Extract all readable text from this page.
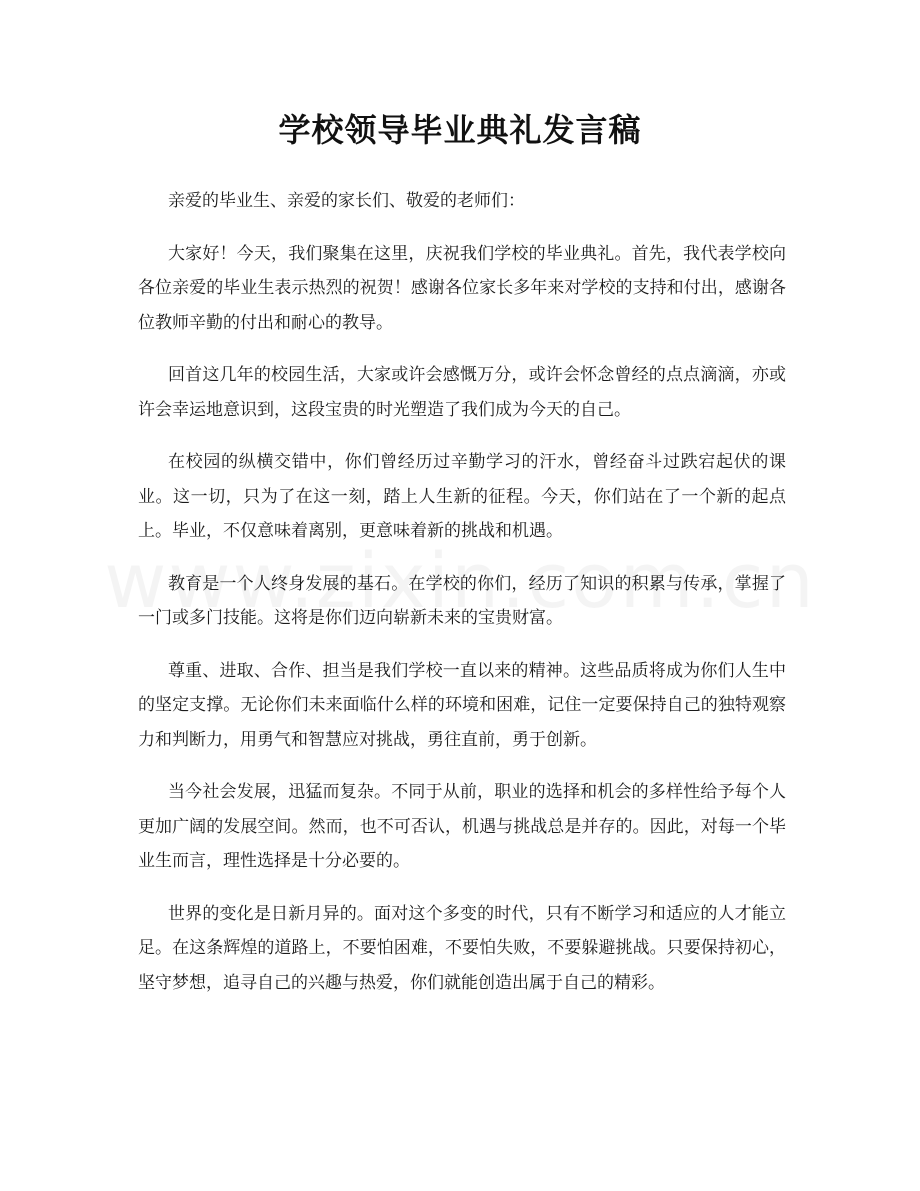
学校领导毕业典礼发言稿

亲爱的毕业生、亲爱的家长们、敬爱的老师们：

大家好！今天，我们聚集在这里，庆祝我们学校的毕业典礼。首先，我代表学校向各位亲爱的毕业生表示热烈的祝贺！感谢各位家长多年来对学校的支持和付出，感谢各位教师辛勤的付出和耐心的教导。

回首这几年的校园生活，大家或许会感慨万分，或许会怀念曾经的点点滴滴，亦或许会幸运地意识到，这段宝贵的时光塑造了我们成为今天的自己。

在校园的纵横交错中，你们曾经历过辛勤学习的汗水，曾经奋斗过跌宕起伏的课业。这一切，只为了在这一刻，踏上人生新的征程。今天，你们站在了一个新的起点上。毕业，不仅意味着离别，更意味着新的挑战和机遇。

教育是一个人终身发展的基石。在学校的你们，经历了知识的积累与传承，掌握了一门或多门技能。这将是你们迈向崭新未来的宝贵财富。

尊重、进取、合作、担当是我们学校一直以来的精神。这些品质将成为你们人生中的坚定支撑。无论你们未来面临什么样的环境和困难，记住一定要保持自己的独特观察力和判断力，用勇气和智慧应对挑战，勇往直前，勇于创新。

当今社会发展，迅猛而复杂。不同于从前，职业的选择和机会的多样性给予每个人更加广阔的发展空间。然而，也不可否认，机遇与挑战总是并存的。因此，对每一个毕业生而言，理性选择是十分必要的。

世界的变化是日新月异的。面对这个多变的时代，只有不断学习和适应的人才能立足。在这条辉煌的道路上，不要怕困难，不要怕失败，不要躲避挑战。只要保持初心，坚守梦想，追寻自己的兴趣与热爱，你们就能创造出属于自己的精彩。
